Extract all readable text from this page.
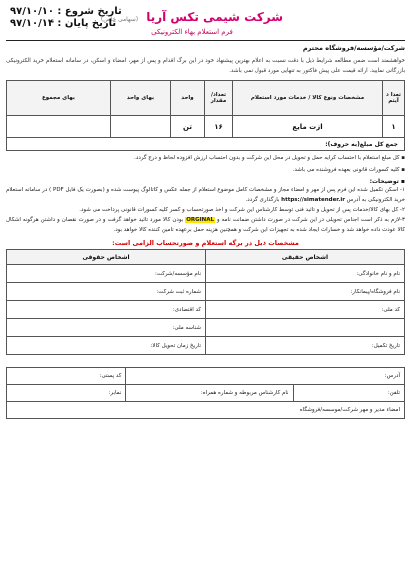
شرکت شیمی تکس آریا (سهامی خاص)
فرم استعلام بهاء الکترونیکی
تاریخ شروع : ۹۷/۱۰/۱۰
تاریخ پایان : ۹۷/۱۰/۱۴
شرکت/مؤسسه/فروشگاه محترم
خواهشمند است ضمن مطالعه شرایط ذیل با دقت نسبت به اعلام بهترین پیشنهاد خود در این برگ اقدام و پس از مهر، امضاء و اسکن، در سامانه استعلام خرید الکترونیکی بازرگانی نمایید. ارائه قیمت علی پیش فاکتور به تنهایی مورد قبول نمی باشد.
تعدا د آیتم	مشخصات ونوع کالا / خدمات مورد استعلام	تعداد/ مقدار	واحد	بهای واحد	بهای مجموع
۱	ازت مایع	۱۶	تن		
جمع کل مبلغ(به حروف):					
▪ کل مبلغ استعلام با احتساب کرایه حمل و تحویل در محل این شرکت و بدون احتساب ارزش افزوده لحاظ و درج گردد.
▪ کلیه کسورات قانونی بعهده فروشنده می باشد.
▪ توضیحات:
۱- اسکن تکمیل شده این فرم پس از مهر و امضاء مجاز و مشخصات کامل موضوع استعلام از جمله عکس و کاتالوگ پیوست شده و (بصورت یک فایل PDF ) در سامانه استعلام خرید الکترونیکی به آدرس https://simatender.ir بارگذاری گردد.
۲- کل بهای کالا/خدمات پس از تحویل و تائید فنی توسط کارشناس این شرکت و اخذ صورتحساب و کسر کلیه کسورات قانونی پرداخت می شود.
۳-لازم به ذکر است اجناس تحویلی در این شرکت در صورت داشتن ضمانت نامه و ORGINAL بودن کالا مورد تائید خواهد گرفت و در صورت نقصان و داشتن هرگونه اشکال کالا عودت داده خواهد شد و خسارات ایجاد شده به تجهیزات این شرکت و همچنین هزینه حمل برعهده تامین کننده کالا خواهد بود.
مشخصات ذیل در برگه استعلام و صورتحساب الزامی است:
اشخاص حقیقی	اشخاص حقوقی
نام و نام خانوادگی:	نام مؤسسه/شرکت:
نام فروشگاه/پیمانکار:	شماره ثبت شرکت:
کد ملی:	کد اقتصادی:
	شناسه ملی:
تاریخ تکمیل:	تاریخ زمان تحویل کالا:
آدرس:		کد پستی:
تلفن:	نام کارشناس مربوطه و شماره همراه:	نمابر:
امضاء مدیر و مهر شرکت/موسسه/فروشگاه		
